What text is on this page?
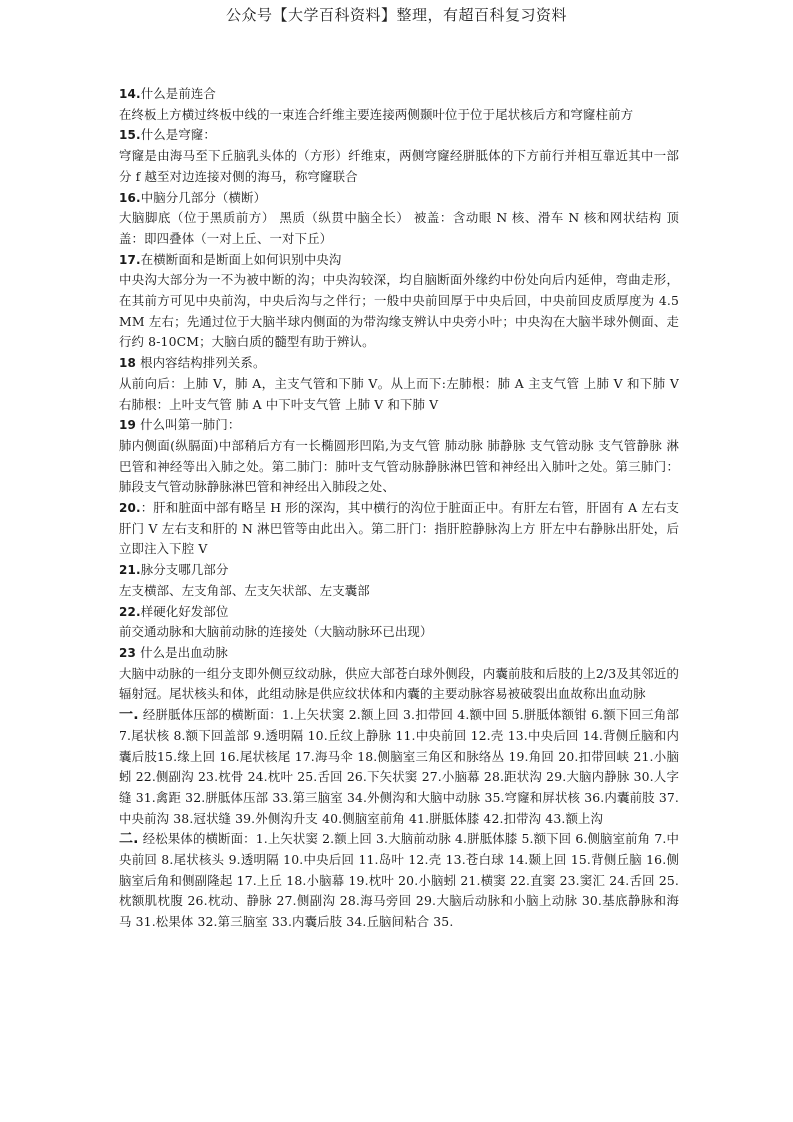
公众号【大学百科资料】整理，有超百科复习资料

14.什么是前连合

在终板上方横过终板中线的一束连合纤维主要连接两侧颞叶位于位于尾状核后方和穹窿柱前方

15.什么是穹窿：

穹窿是由海马至下丘脑乳头体的（方形）纤维束，两侧穹窿经胼胝体的下方前行并相互靠近其中一部分 f 越至对边连接对侧的海马，称穹窿联合

16.中脑分几部分（横断）

大脑脚底（位于黑质前方） 黑质（纵贯中脑全长） 被盖：含动眼 N 核、滑车 N 核和网状结构 顶盖：即四叠体（一对上丘、一对下丘）

17.在横断面和是断面上如何识别中央沟

中央沟大部分为一不为被中断的沟；中央沟较深，均自脑断面外缘约中份处向后内延伸，弯曲走形，在其前方可见中央前沟，中央后沟与之伴行；一般中央前回厚于中央后回，中央前回皮质厚度为 4.5MM 左右；先通过位于大脑半球内侧面的为带沟缘支辨认中央旁小叶；中央沟在大脑半球外侧面、走行约 8-10CM；大脑白质的髓型有助于辨认。

18 根内容结构排列关系。

从前向后：上肺 V，肺 A，主支气管和下肺 V。从上而下:左肺根：肺 A 主支气管 上肺 V 和下肺 V 右肺根：上叶支气管 肺 A 中下叶支气管 上肺 V 和下肺 V

19 什么叫第一肺门：

肺内侧面(纵膈面)中部稍后方有一长椭圆形凹陷,为支气管 肺动脉 肺静脉 支气管动脉 支气管静脉 淋巴管和神经等出入肺之处。第二肺门：肺叶支气管动脉静脉淋巴管和神经出入肺叶之处。第三肺门：肺段支气管动脉静脉淋巴管和神经出入肺段之处、

20.：肝和脏面中部有略呈 H 形的深沟，其中横行的沟位于脏面正中。有肝左右管，肝固有 A 左右支 肝门 V 左右支和肝的 N 淋巴管等由此出入。第二肝门：指肝腔静脉沟上方 肝左中右静脉出肝处，后立即注入下腔 V

21.脉分支哪几部分

左支横部、左支角部、左支矢状部、左支囊部

22.样硬化好发部位

前交通动脉和大脑前动脉的连接处（大脑动脉环已出现）

23 什么是出血动脉

大脑中动脉的一组分支即外侧豆纹动脉，供应大部苍白球外侧段，内囊前肢和后肢的上2/3及其邻近的辐射冠。尾状核头和体，此组动脉是供应纹状体和内囊的主要动脉容易被破裂出血故称出血动脉

一. 经胼胝体压部的横断面：1.上矢状窦 2.额上回 3.扣带回 4.额中回 5.胼胝体额钳 6.额下回三角部 7.尾状核 8.额下回盖部 9.透明隔 10.丘纹上静脉 11.中央前回 12.壳 13.中央后回 14.背侧丘脑和内囊后肢15.缘上回 16.尾状核尾 17.海马伞 18.侧脑室三角区和脉络丛 19.角回 20.扣带回峡 21.小脑蚓 22.侧副沟 23.枕骨 24.枕叶 25.舌回 26.下矢状窦 27.小脑幕 28.距状沟 29.大脑内静脉 30.人字缝 31.禽距 32.胼胝体压部 33.第三脑室 34.外侧沟和大脑中动脉 35.穹窿和屏状核 36.内囊前肢 37.中央前沟 38.冠状缝 39.外侧沟升支 40.侧脑室前角 41.胼胝体膝 42.扣带沟 43.额上沟

二. 经松果体的横断面：1.上矢状窦 2.额上回 3.大脑前动脉 4.胼胝体膝 5.额下回 6.侧脑室前角 7.中央前回 8.尾状核头 9.透明隔 10.中央后回 11.岛叶 12.壳 13.苍白球 14.颞上回 15.背侧丘脑 16.侧脑室后角和侧副隆起 17.上丘 18.小脑幕 19.枕叶 20.小脑蚓 21.横窦 22.直窦 23.窦汇 24.舌回 25.枕额肌枕腹 26.枕动、静脉 27.侧副沟 28.海马旁回 29.大脑后动脉和小脑上动脉 30.基底静脉和海马 31.松果体 32.第三脑室 33.内囊后肢 34.丘脑间粘合 35.
